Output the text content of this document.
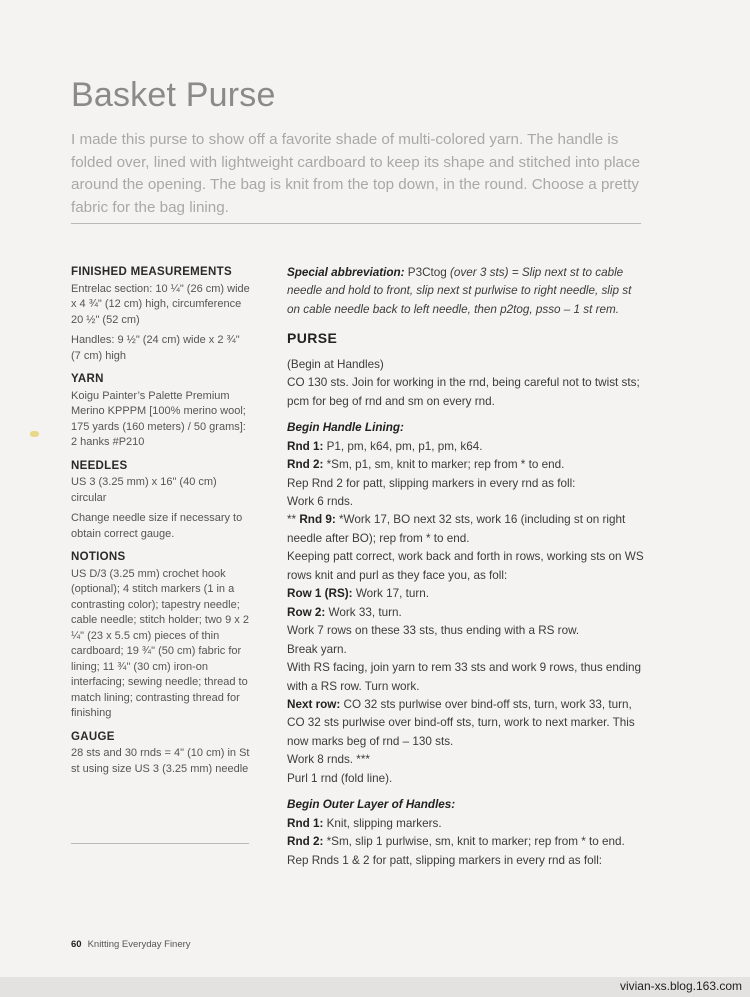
Basket Purse

I made this purse to show off a favorite shade of multi-colored yarn. The handle is folded over, lined with lightweight cardboard to keep its shape and stitched into place around the opening. The bag is knit from the top down, in the round. Choose a pretty fabric for the bag lining.

FINISHED MEASUREMENTS

Entrelac section: 10 ¼" (26 cm) wide x 4 ¾" (12 cm) high, circumference 20 ½" (52 cm)

Handles: 9 ½" (24 cm) wide x 2 ¾" (7 cm) high

YARN

Koigu Painter’s Palette Premium Merino KPPPM [100% merino wool; 175 yards (160 meters) / 50 grams]: 2 hanks #P210

NEEDLES

US 3 (3.25 mm) x 16" (40 cm) circular

Change needle size if necessary to obtain correct gauge.

NOTIONS

US D/3 (3.25 mm) crochet hook (optional); 4 stitch markers (1 in a contrasting color); tapestry needle; cable needle; stitch holder; two 9 x 2 ¼" (23 x 5.5 cm) pieces of thin cardboard; 19 ¾" (50 cm) fabric for lining; 11 ¾" (30 cm) iron-on interfacing; sewing needle; thread to match lining; contrasting thread for finishing

GAUGE

28 sts and 30 rnds = 4" (10 cm) in St st using size US 3 (3.25 mm) needle

Special abbreviation: P3Ctog (over 3 sts) = Slip next st to cable needle and hold to front, slip next st purlwise to right needle, slip st on cable needle back to left needle, then p2tog, psso – 1 st rem.

PURSE

(Begin at Handles)

CO 130 sts. Join for working in the rnd, being careful not to twist sts; pcm for beg of rnd and sm on every rnd.

Begin Handle Lining:

Rnd 1: P1, pm, k64, pm, p1, pm, k64.

Rnd 2: *Sm, p1, sm, knit to marker; rep from * to end.

Rep Rnd 2 for patt, slipping markers in every rnd as foll:

Work 6 rnds.

** Rnd 9: *Work 17, BO next 32 sts, work 16 (including st on right needle after BO); rep from * to end.

Keeping patt correct, work back and forth in rows, working sts on WS rows knit and purl as they face you, as foll:

Row 1 (RS): Work 17, turn.

Row 2: Work 33, turn.

Work 7 rows on these 33 sts, thus ending with a RS row.

Break yarn.

With RS facing, join yarn to rem 33 sts and work 9 rows, thus ending with a RS row. Turn work.

Next row: CO 32 sts purlwise over bind-off sts, turn, work 33, turn, CO 32 sts purlwise over bind-off sts, turn, work to next marker. This now marks beg of rnd – 130 sts.

Work 8 rnds. ***

Purl 1 rnd (fold line).

Begin Outer Layer of Handles:

Rnd 1: Knit, slipping markers.

Rnd 2: *Sm, slip 1 purlwise, sm, knit to marker; rep from * to end.

Rep Rnds 1 & 2 for patt, slipping markers in every rnd as foll:

60 Knitting Everyday Finery
vivian-xs.blog.163.com
